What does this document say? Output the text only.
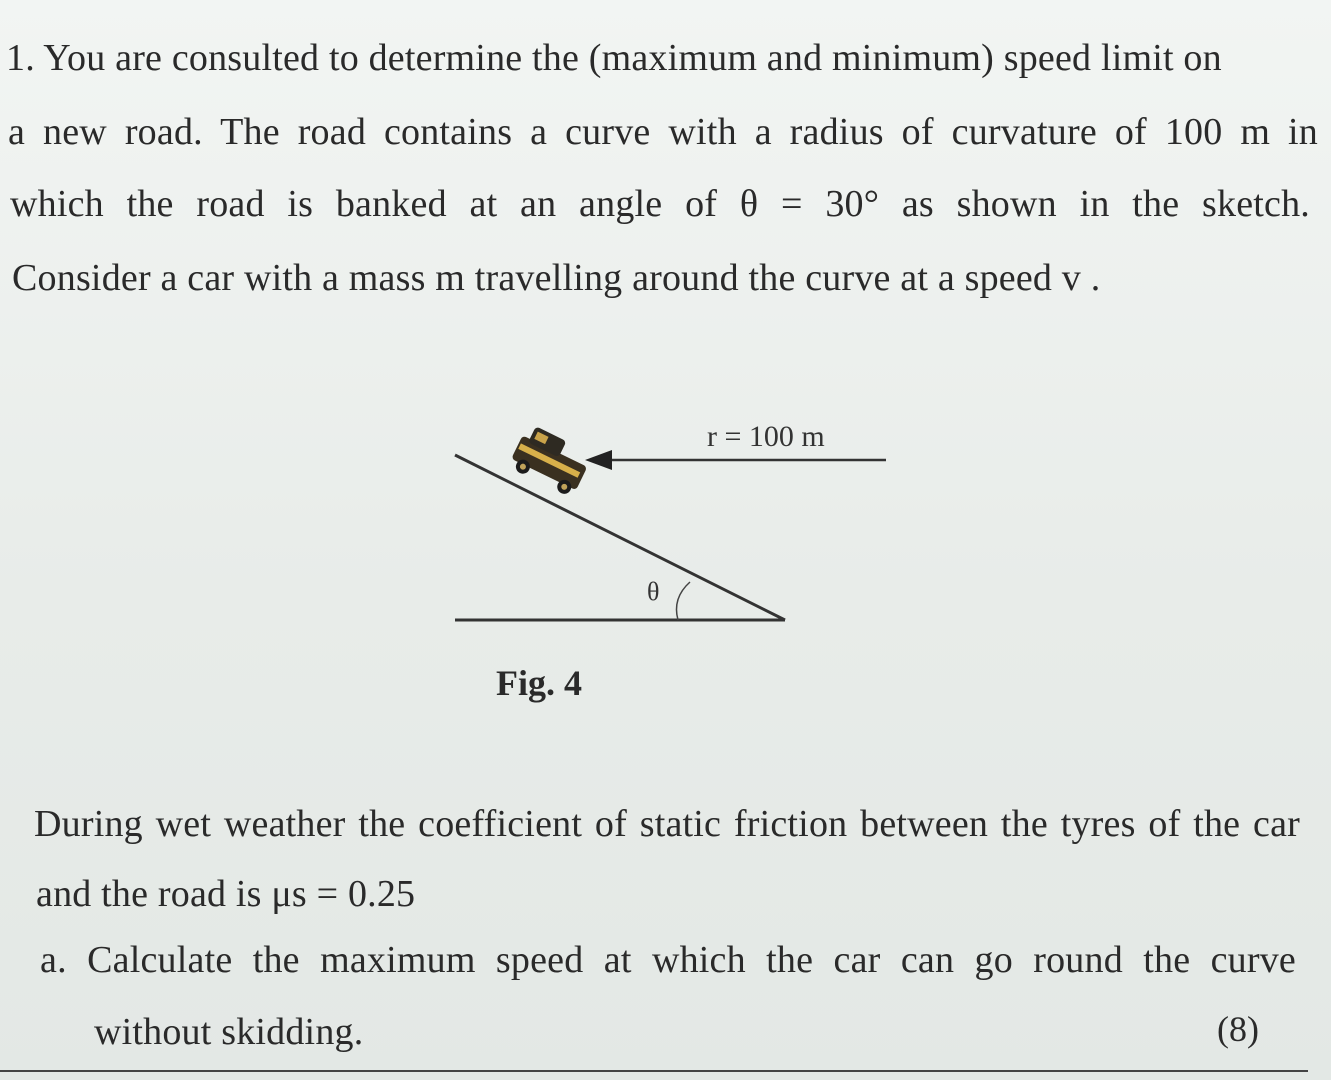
1. You are consulted to determine the (maximum and minimum) speed limit on
a new road. The road contains a curve with a radius of curvature of 100 m in
which the road is banked at an angle of θ = 30° as shown in the sketch.
Consider a car with a mass m travelling around the curve at a speed v .
r = 100 m
θ
Fig. 4
During wet weather the coefficient of static friction between the tyres of the car
and the road is μs = 0.25
a. Calculate the maximum speed at which the car can go round the curve
without skidding.	(8)
